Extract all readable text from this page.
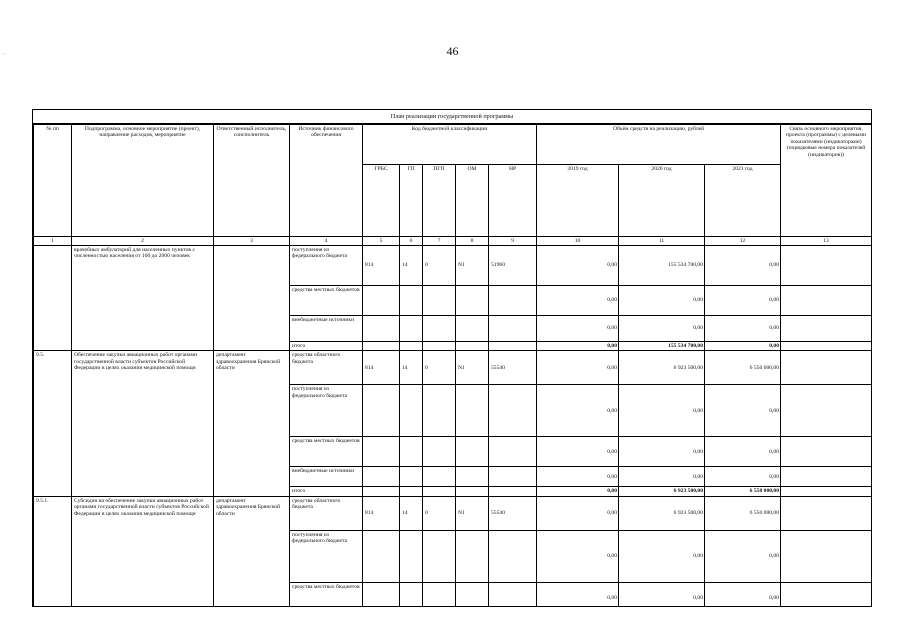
46
.
План реализации государственной программы
№ пп	Подпрограмма, основное мероприятие (проект), направление расходов, мероприятие	Ответственный исполнитель, соисполнитель	Источник финансового обеспечения	Код бюджетной классификации					Объём средств на реализацию, рублей			Связь основного мероприятия, проекта (программы) с целевыми показателями (индикаторами) (порядковые номера показателей (индикаторов))
				ГРБС	ГП	ПГП	ОМ	НР	2019 год	2020 год	2021 год	
1	2	3	4	5	6	7	8	9	10	11	12	13
	врачебных амбулаторий для населенных пунктов с численностью населения от 100 до 2000 человек		поступления из федерального бюджета	814	14	0	N1	51960	0,00	155 534 700,00	0,00	
			средства местных бюджетов						0,00	0,00	0,00	
			внебюджетные источники						0,00	0,00	0,00	
			итого						0,00	155 534 700,00	0,00	
9.5.	Обеспечение закупки авиационных работ органами государственной власти субъектов Российской Федерации в целях оказания медицинской помощи	департамент здравоохранения Брянской области	средства областного бюджета	814	14	0	N1	55540	0,00	6 923 500,00	6 550 000,00	
			поступления из федерального бюджета						0,00	0,00	0,00	
			средства местных бюджетов						0,00	0,00	0,00	
			внебюджетные источники						0,00	0,00	0,00	
			итого						0,00	6 923 500,00	6 550 000,00	
9.5.1.	Субсидия на обеспечение закупки авиационных работ органами государственной власти субъектов Российской Федерации в целях оказания медицинской помощи	департамент здравоохранения Брянской области	средства областного бюджета	814	14	0	N1	55540	0,00	6 923 500,00	6 550 000,00	
			поступления из федерального бюджета						0,00	0,00	0,00	
			средства местных бюджетов						0,00	0,00	0,00	
